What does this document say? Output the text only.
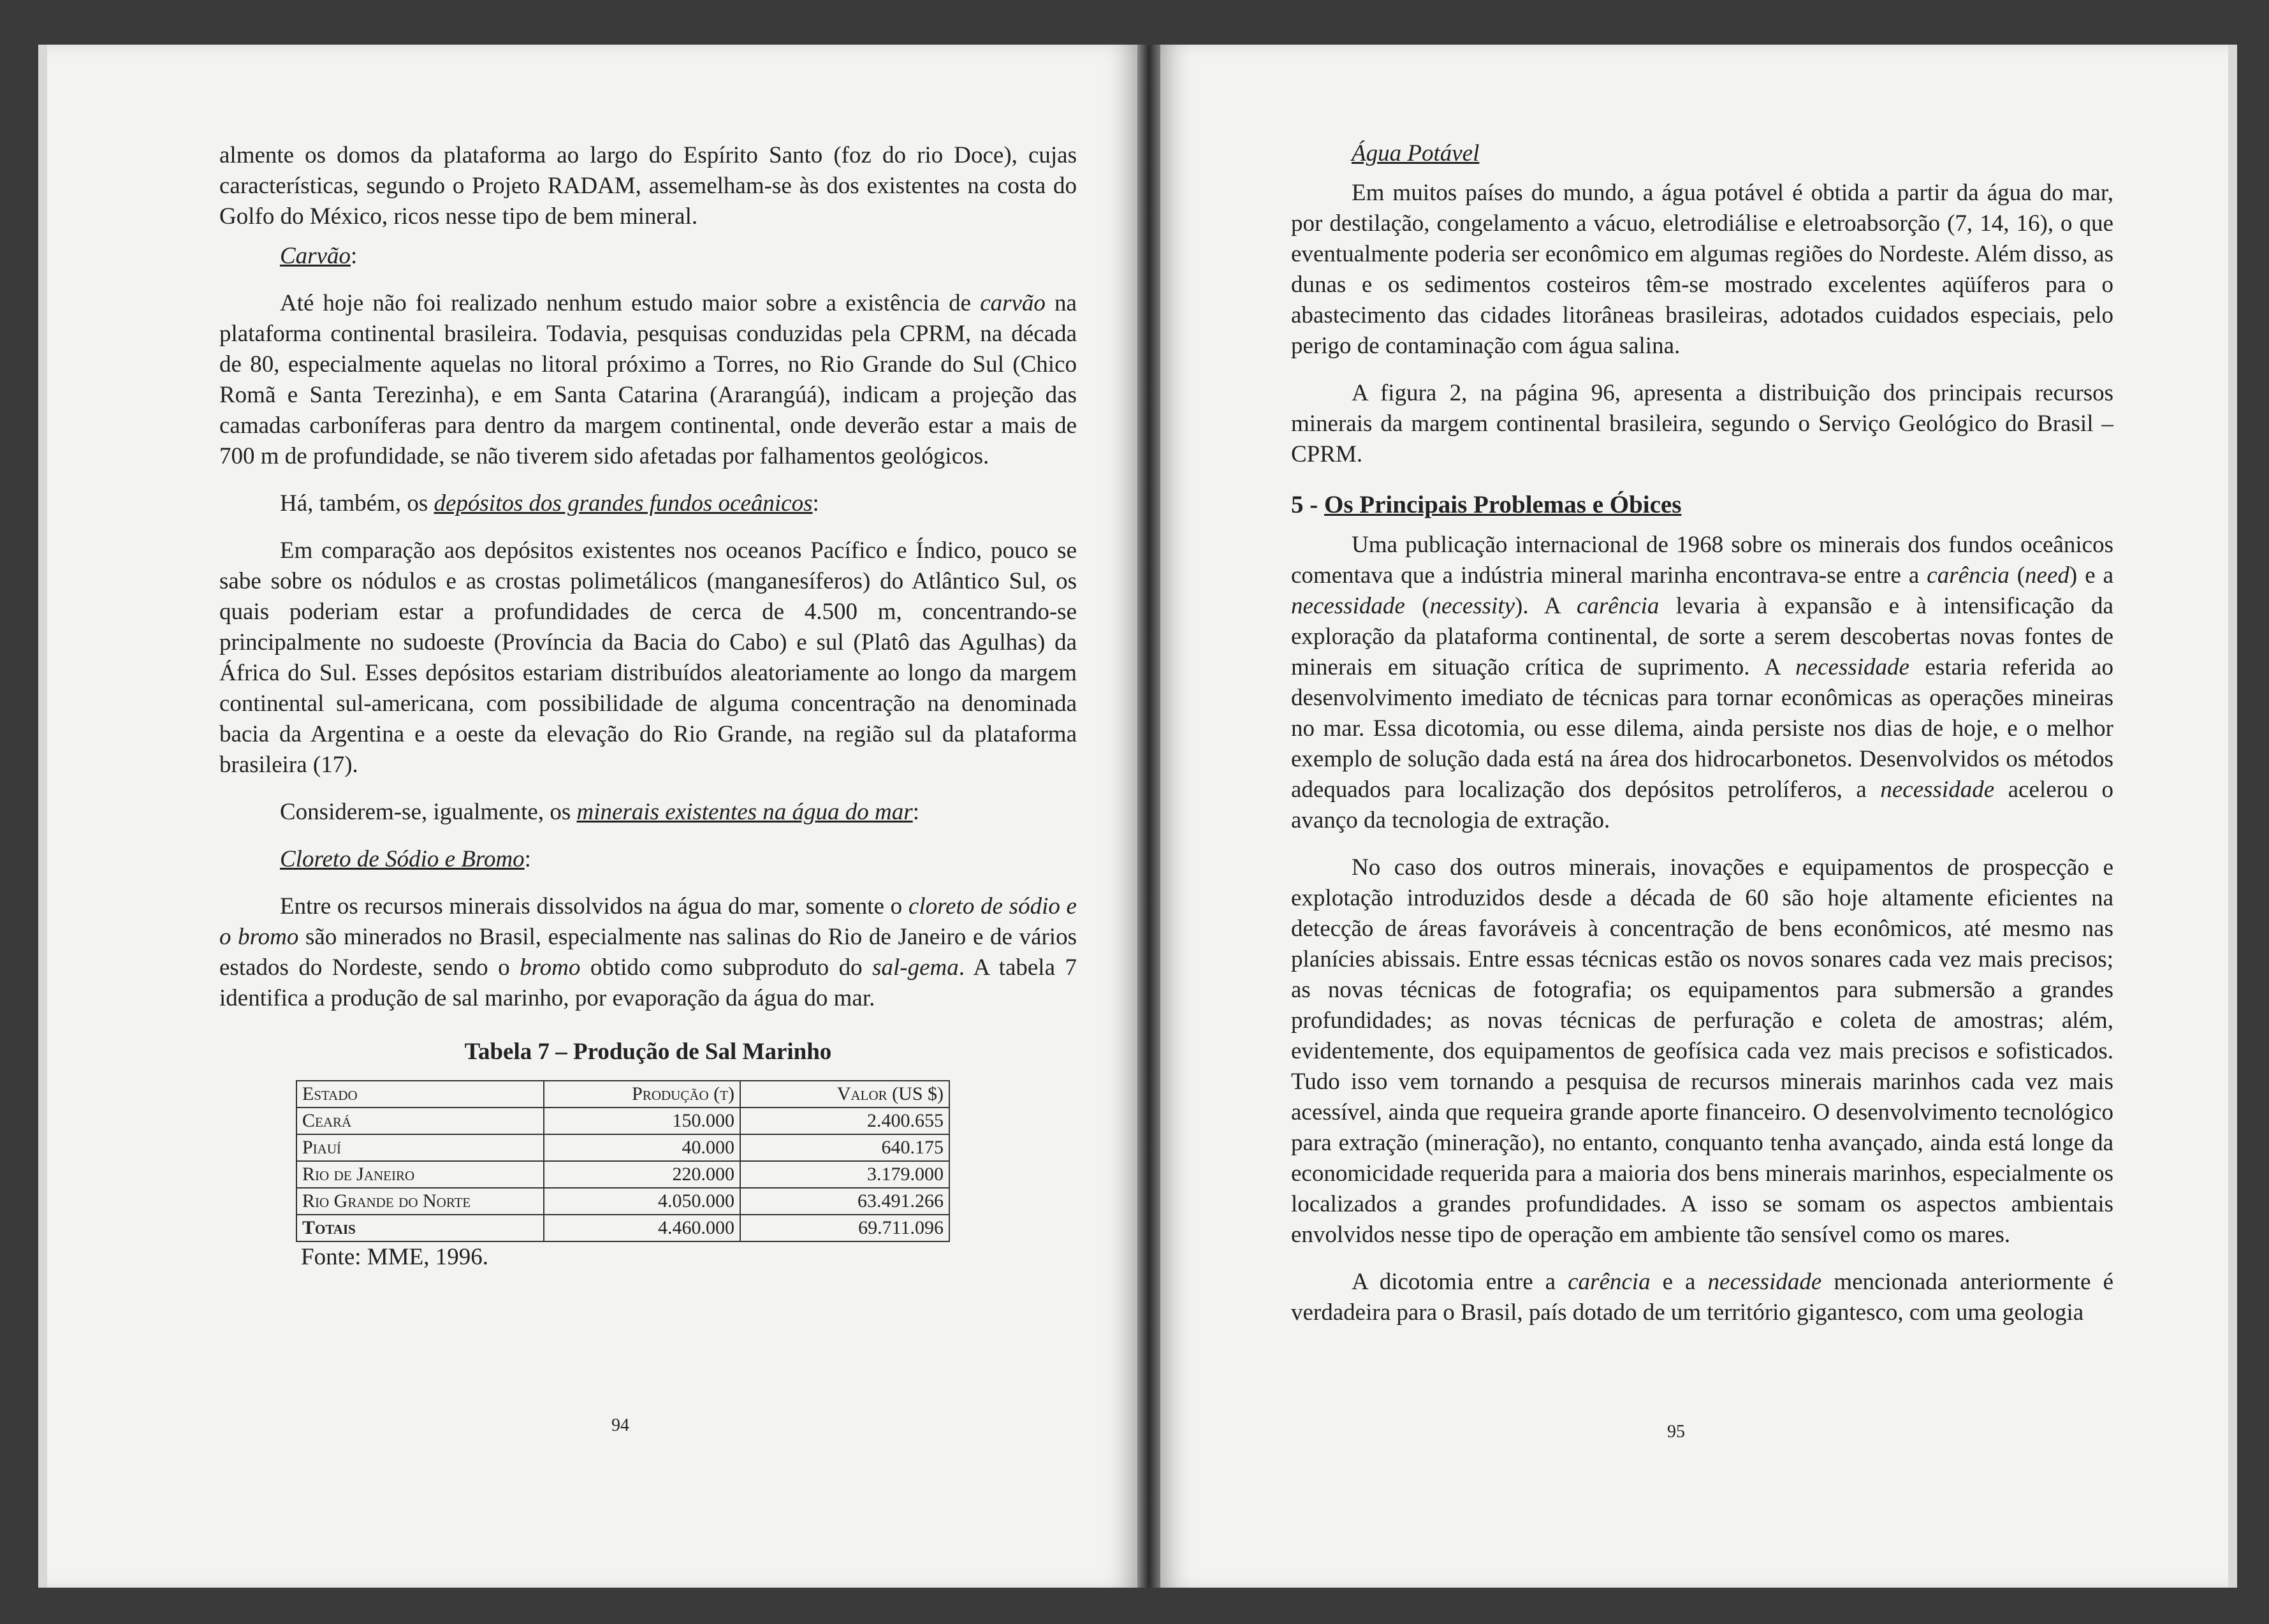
almente os domos da plataforma ao largo do Espírito Santo (foz do rio Doce), cujas características, segundo o Projeto RADAM, assemelham-se às dos existentes na costa do Golfo do México, ricos nesse tipo de bem mineral.

Carvão:

Até hoje não foi realizado nenhum estudo maior sobre a existência de carvão na plataforma continental brasileira. Todavia, pesquisas conduzidas pela CPRM, na década de 80, especialmente aquelas no litoral próximo a Torres, no Rio Grande do Sul (Chico Romã e Santa Terezinha), e em Santa Catarina (Ararangúá), indicam a projeção das camadas carboníferas para dentro da margem continental, onde deverão estar a mais de 700 m de profundidade, se não tiverem sido afetadas por falhamentos geológicos.

Há, também, os depósitos dos grandes fundos oceânicos:

Em comparação aos depósitos existentes nos oceanos Pacífico e Índico, pouco se sabe sobre os nódulos e as crostas polimetálicos (manganesíferos) do Atlântico Sul, os quais poderiam estar a profundidades de cerca de 4.500 m, concentrando-se principalmente no sudoeste (Província da Bacia do Cabo) e sul (Platô das Agulhas) da África do Sul. Esses depósitos estariam distribuídos aleatoriamente ao longo da margem continental sul-americana, com possibilidade de alguma concentração na denominada bacia da Argentina e a oeste da elevação do Rio Grande, na região sul da plataforma brasileira (17).

Considerem-se, igualmente, os minerais existentes na água do mar:

Cloreto de Sódio e Bromo:

Entre os recursos minerais dissolvidos na água do mar, somente o cloreto de sódio e o bromo são minerados no Brasil, especialmente nas salinas do Rio de Janeiro e de vários estados do Nordeste, sendo o bromo obtido como subproduto do sal-gema. A tabela 7 identifica a produção de sal marinho, por evaporação da água do mar.

Tabela 7 – Produção de Sal Marinho
Estado	Produção (t)	Valor (US $)
Ceará	150.000	2.400.655
Piauí	40.000	640.175
Rio de Janeiro	220.000	3.179.000
Rio Grande do Norte	4.050.000	63.491.266
Totais	4.460.000	69.711.096
Fonte: MME, 1996.
94
Água Potável

Em muitos países do mundo, a água potável é obtida a partir da água do mar, por destilação, congelamento a vácuo, eletrodiálise e eletroabsorção (7, 14, 16), o que eventualmente poderia ser econômico em algumas regiões do Nordeste. Além disso, as dunas e os sedimentos costeiros têm-se mostrado excelentes aqüíferos para o abastecimento das cidades litorâneas brasileiras, adotados cuidados especiais, pelo perigo de contaminação com água salina.

A figura 2, na página 96, apresenta a distribuição dos principais recursos minerais da margem continental brasileira, segundo o Serviço Geológico do Brasil – CPRM.

5 - Os Principais Problemas e Óbices

Uma publicação internacional de 1968 sobre os minerais dos fundos oceânicos comentava que a indústria mineral marinha encontrava-se entre a carência (need) e a necessidade (necessity). A carência levaria à expansão e à intensificação da exploração da plataforma continental, de sorte a serem descobertas novas fontes de minerais em situação crítica de suprimento. A necessidade estaria referida ao desenvolvimento imediato de técnicas para tornar econômicas as operações mineiras no mar. Essa dicotomia, ou esse dilema, ainda persiste nos dias de hoje, e o melhor exemplo de solução dada está na área dos hidrocarbonetos. Desenvolvidos os métodos adequados para localização dos depósitos petrolíferos, a necessidade acelerou o avanço da tecnologia de extração.

No caso dos outros minerais, inovações e equipamentos de prospecção e explotação introduzidos desde a década de 60 são hoje altamente eficientes na detecção de áreas favoráveis à concentração de bens econômicos, até mesmo nas planícies abissais. Entre essas técnicas estão os novos sonares cada vez mais precisos; as novas técnicas de fotografia; os equipamentos para submersão a grandes profundidades; as novas técnicas de perfuração e coleta de amostras; além, evidentemente, dos equipamentos de geofísica cada vez mais precisos e sofisticados. Tudo isso vem tornando a pesquisa de recursos minerais marinhos cada vez mais acessível, ainda que requeira grande aporte financeiro. O desenvolvimento tecnológico para extração (mineração), no entanto, conquanto tenha avançado, ainda está longe da economicidade requerida para a maioria dos bens minerais marinhos, especialmente os localizados a grandes profundidades. A isso se somam os aspectos ambientais envolvidos nesse tipo de operação em ambiente tão sensível como os mares.

A dicotomia entre a carência e a necessidade mencionada anteriormente é verdadeira para o Brasil, país dotado de um território gigantesco, com uma geologia

95
